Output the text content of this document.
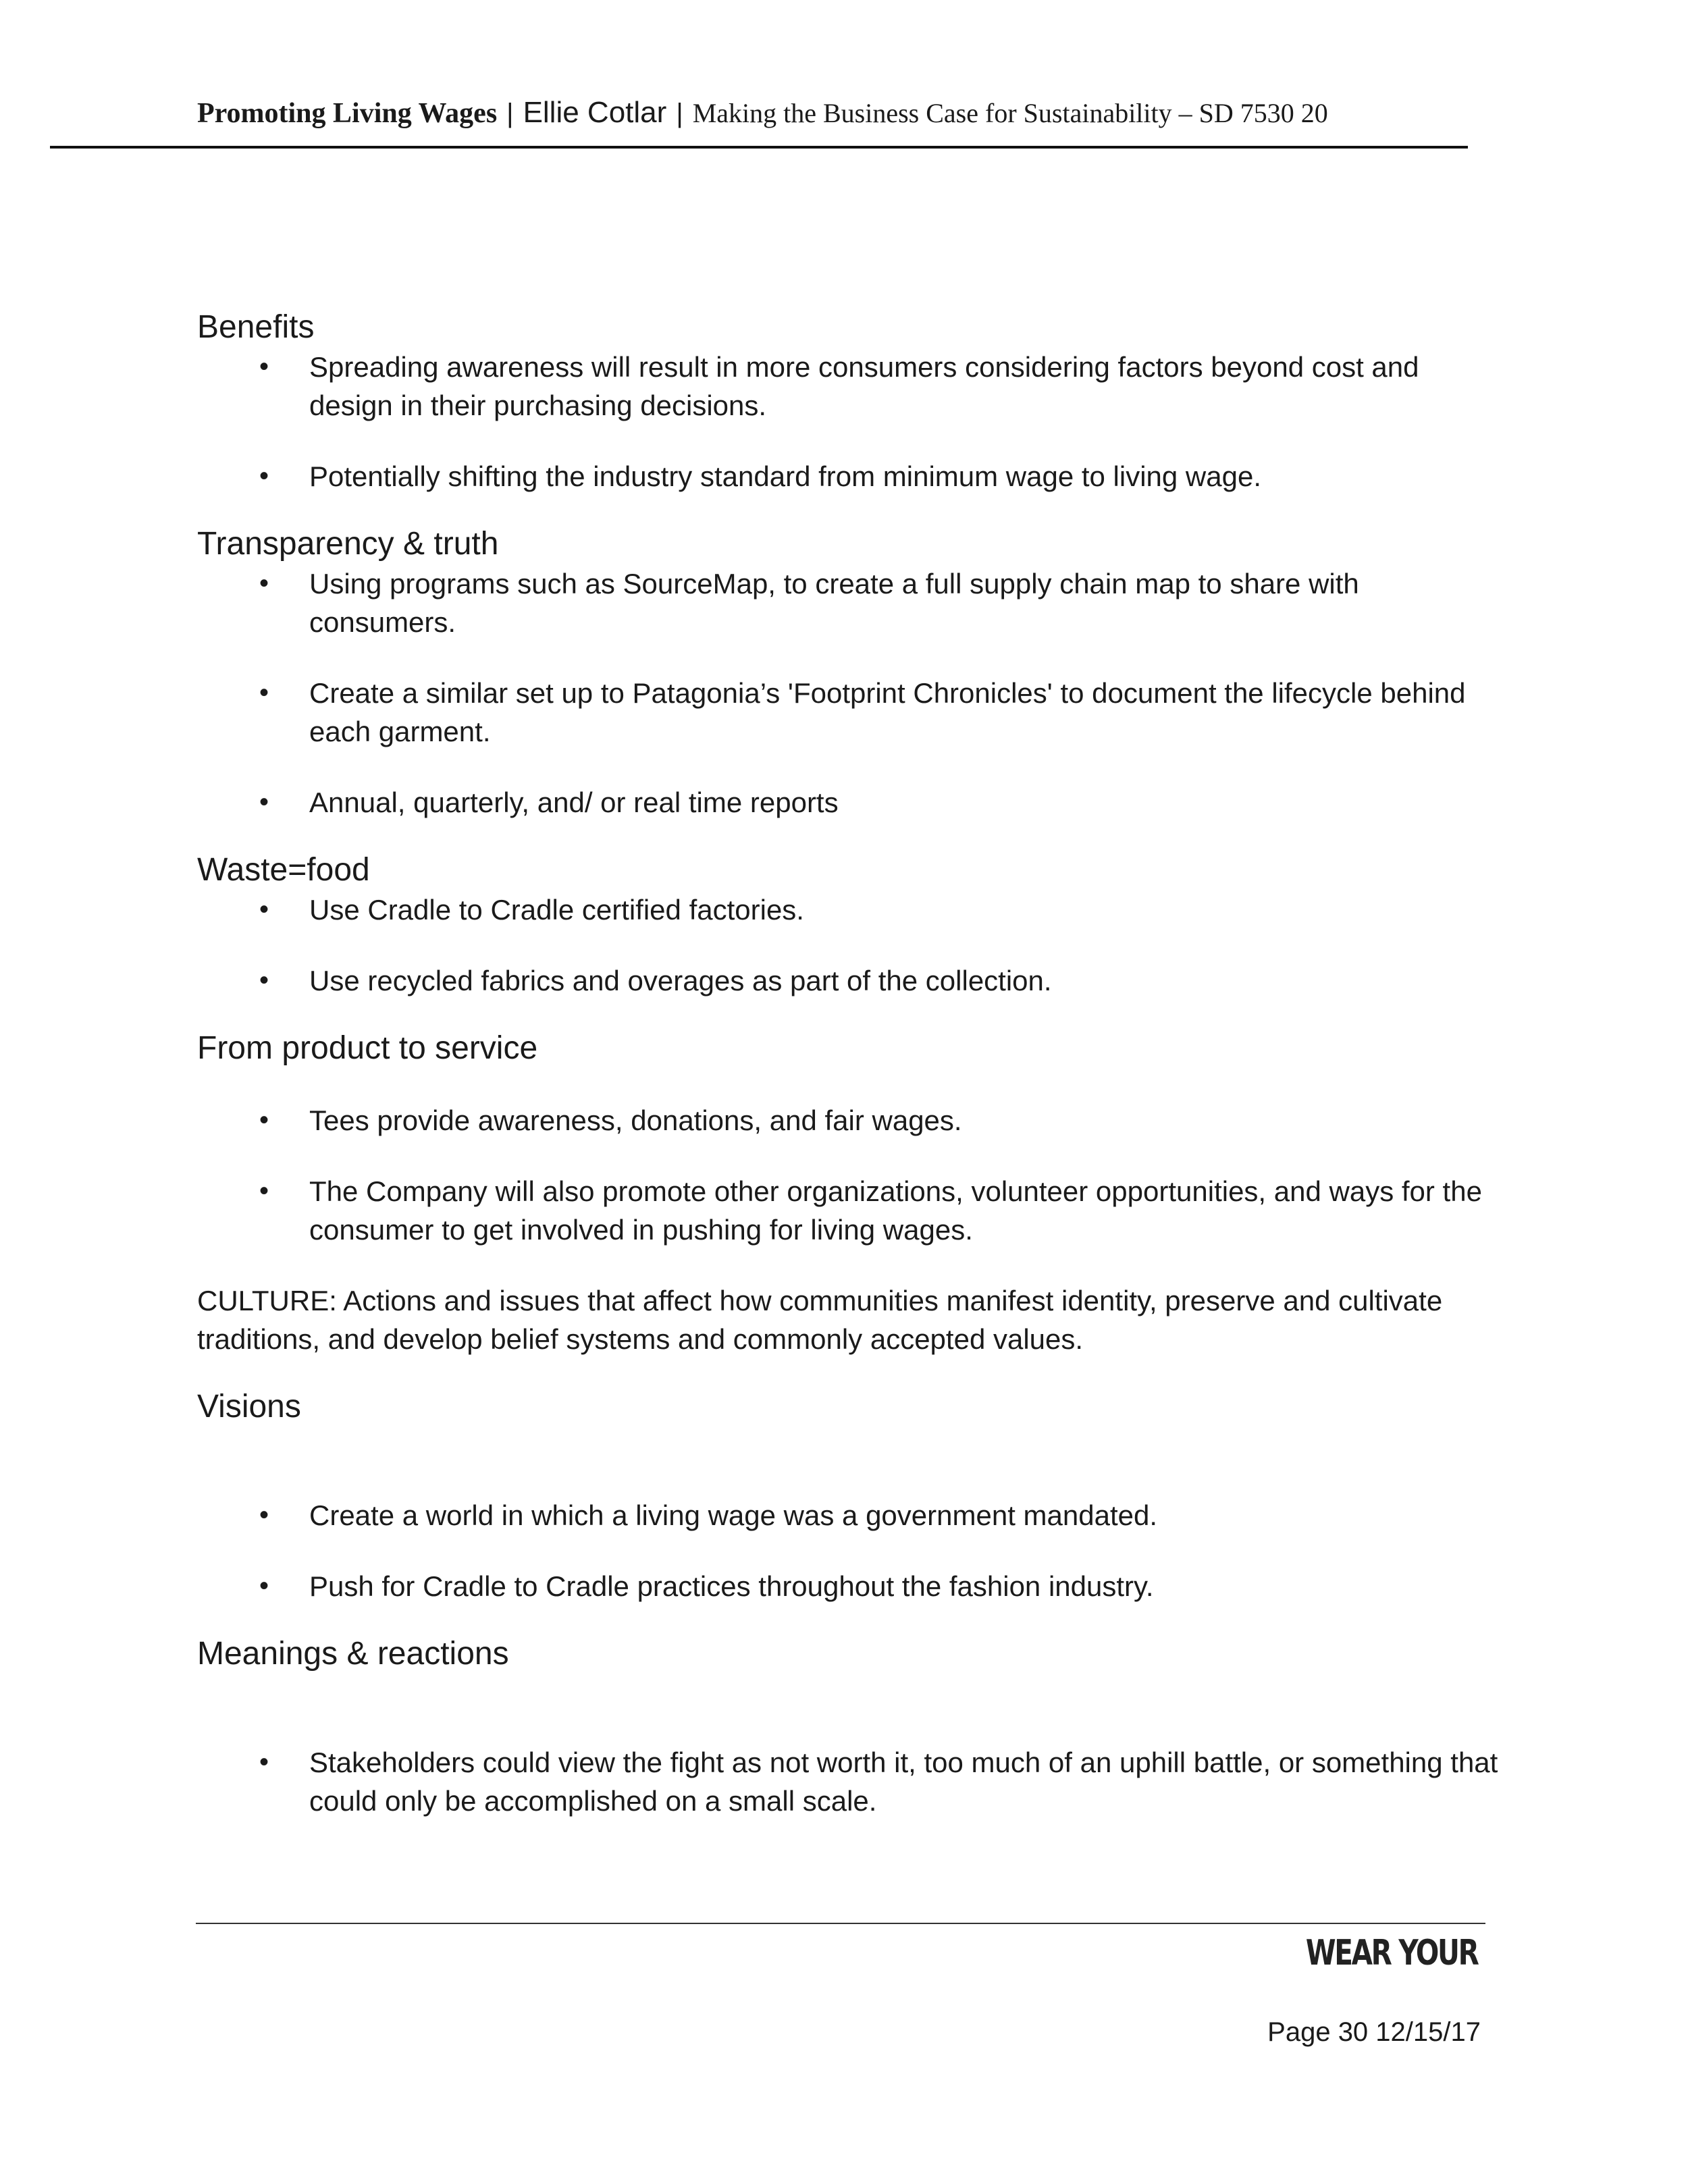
Promoting Living Wages | Ellie Cotlar | Making the Business Case for Sustainability – SD 7530 20
Benefits
• Spreading awareness will result in more consumers considering factors beyond cost and design in their purchasing decisions.
• Potentially shifting the industry standard from minimum wage to living wage.
Transparency & truth
• Using programs such as SourceMap, to create a full supply chain map to share with consumers.
• Create a similar set up to Patagonia’s 'Footprint Chronicles' to document the lifecycle behind each garment.
• Annual, quarterly, and/ or real time reports
Waste=food
• Use Cradle to Cradle certified factories.
• Use recycled fabrics and overages as part of the collection.
From product to service
• Tees provide awareness, donations, and fair wages.
• The Company will also promote other organizations, volunteer opportunities, and ways for the consumer to get involved in pushing for living wages.

CULTURE: Actions and issues that affect how communities manifest identity, preserve and cultivate traditions, and develop belief systems and commonly accepted values.

Visions
• Create a world in which a living wage was a government mandated.
• Push for Cradle to Cradle practices throughout the fashion industry.
Meanings & reactions
• Stakeholders could view the fight as not worth it, too much of an uphill battle, or something that could only be accomplished on a small scale.
WEAR YOUR
Page 30 12/15/17
